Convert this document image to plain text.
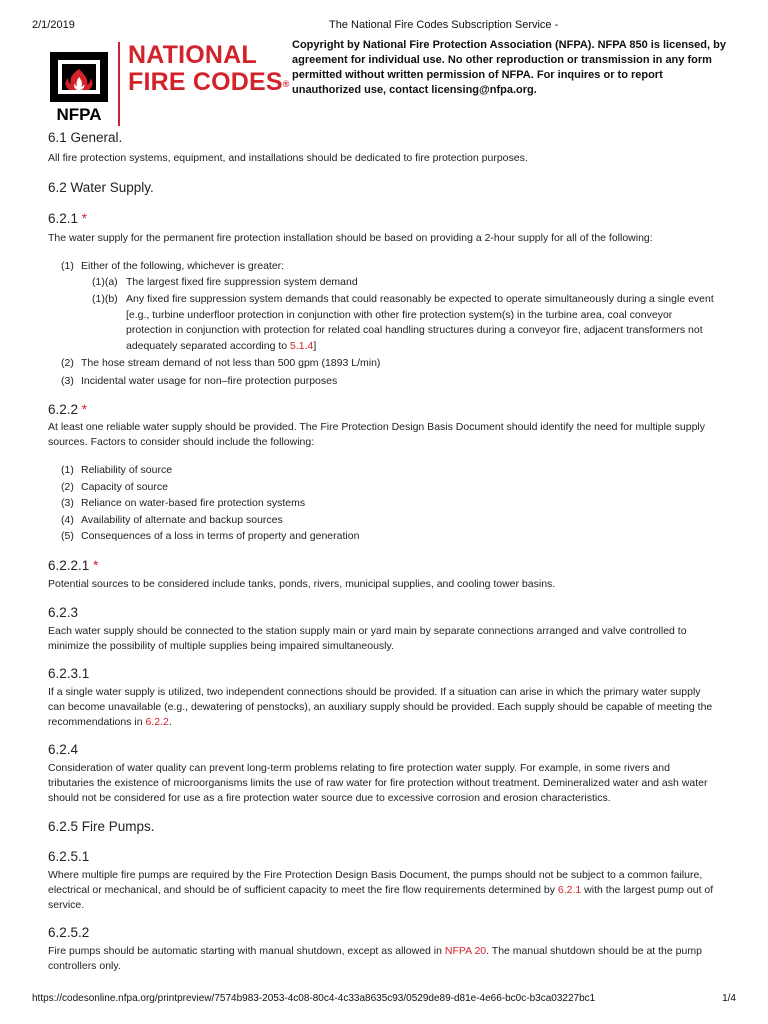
2/1/2019	The National Fire Codes Subscription Service -
NFPA
NATIONAL
FIRE CODES®
Copyright by National Fire Protection Association (NFPA). NFPA 850 is licensed, by agreement for individual use. No other reproduction or transmission in any form permitted without written permission of NFPA. For inquires or to report unauthorized use, contact licensing@nfpa.org.
6.1 General.

All fire protection systems, equipment, and installations should be dedicated to fire protection purposes.

6.2 Water Supply.
6.2.1 *

The water supply for the permanent fire protection installation should be based on providing a 2-hour supply for all of the following:

(1) Either of the following, whichever is greater:
(1)(a) The largest fixed fire suppression system demand
(1)(b) Any fixed fire suppression system demands that could reasonably be expected to operate simultaneously during a single event [e.g., turbine underfloor protection in conjunction with other fire protection system(s) in the turbine area, coal conveyor protection in conjunction with protection for related coal handling structures during a conveyor fire, adjacent transformers not adequately separated according to 5.1.4]
(2) The hose stream demand of not less than 500 gpm (1893 L/min)
(3) Incidental water usage for non–fire protection purposes
6.2.2 *

At least one reliable water supply should be provided. The Fire Protection Design Basis Document should identify the need for multiple supply sources. Factors to consider should include the following:

(1) Reliability of source
(2) Capacity of source
(3) Reliance on water-based fire protection systems
(4) Availability of alternate and backup sources
(5) Consequences of a loss in terms of property and generation
6.2.2.1 *

Potential sources to be considered include tanks, ponds, rivers, municipal supplies, and cooling tower basins.

6.2.3

Each water supply should be connected to the station supply main or yard main by separate connections arranged and valve controlled to minimize the possibility of multiple supplies being impaired simultaneously.

6.2.3.1

If a single water supply is utilized, two independent connections should be provided. If a situation can arise in which the primary water supply can become unavailable (e.g., dewatering of penstocks), an auxiliary supply should be provided. Each supply should be capable of meeting the recommendations in 6.2.2.

6.2.4

Consideration of water quality can prevent long-term problems relating to fire protection water supply. For example, in some rivers and tributaries the existence of microorganisms limits the use of raw water for fire protection without treatment. Demineralized water and ash water should not be considered for use as a fire protection water source due to excessive corrosion and erosion characteristics.

6.2.5 Fire Pumps.
6.2.5.1

Where multiple fire pumps are required by the Fire Protection Design Basis Document, the pumps should not be subject to a common failure, electrical or mechanical, and should be of sufficient capacity to meet the fire flow requirements determined by 6.2.1 with the largest pump out of service.

6.2.5.2

Fire pumps should be automatic starting with manual shutdown, except as allowed in NFPA 20. The manual shutdown should be at the pump controllers only.

https://codesonline.nfpa.org/printpreview/7574b983-2053-4c08-80c4-4c33a8635c93/0529de89-d81e-4e66-bc0c-b3ca03227bc1	1/4
